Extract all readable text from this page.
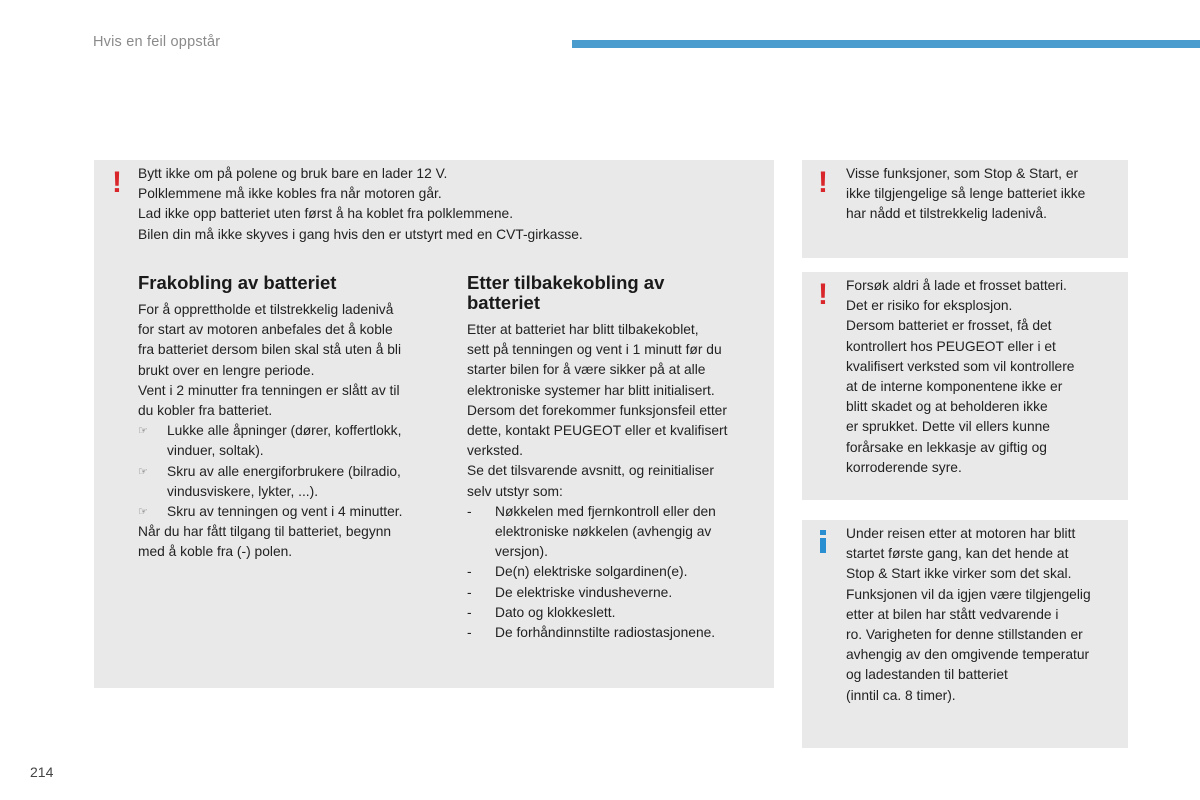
Hvis en feil oppstår
! Bytt ikke om på polene og bruk bare en lader 12 V.
Polklemmene må ikke kobles fra når motoren går.
Lad ikke opp batteriet uten først å ha koblet fra polklemmene.
Bilen din må ikke skyves i gang hvis den er utstyrt med en CVT-girkasse.
Frakobling av batteriet
For å opprettholde et tilstrekkelig ladenivå
for start av motoren anbefales det å koble
fra batteriet dersom bilen skal stå uten å bli
brukt over en lengre periode.
Vent i 2 minutter fra tenningen er slått av til
du kobler fra batteriet.
☞	Lukke alle åpninger (dører, koffertlokk,
vinduer, soltak).
☞	Skru av alle energiforbrukere (bilradio,
vindusviskere, lykter, ...).
☞	Skru av tenningen og vent i 4 minutter.
Når du har fått tilgang til batteriet, begynn
med å koble fra (-) polen.
Etter tilbakekobling av
batteriet
Etter at batteriet har blitt tilbakekoblet,
sett på tenningen og vent i 1 minutt før du
starter bilen for å være sikker på at alle
elektroniske systemer har blitt initialisert.
Dersom det forekommer funksjonsfeil etter
dette, kontakt PEUGEOT eller et kvalifisert
verksted.
Se det tilsvarende avsnitt, og reinitialiser
selv utstyr som:
-	Nøkkelen med fjernkontroll eller den
elektroniske nøkkelen (avhengig av
versjon).
-	De(n) elektriske solgardinen(e).
-	De elektriske vindusheverne.
-	Dato og klokkeslett.
-	De forhåndinnstilte radiostasjonene.
! Visse funksjoner, som Stop & Start, er
ikke tilgjengelige så lenge batteriet ikke
har nådd et tilstrekkelig ladenivå.
! Forsøk aldri å lade et frosset batteri.
Det er risiko for eksplosjon.
Dersom batteriet er frosset, få det
kontrollert hos PEUGEOT eller i et
kvalifisert verksted som vil kontrollere
at de interne komponentene ikke er
blitt skadet og at beholderen ikke
er sprukket. Dette vil ellers kunne
forårsake en lekkasje av giftig og
korroderende syre.
Under reisen etter at motoren har blitt
startet første gang, kan det hende at
Stop & Start ikke virker som det skal.
Funksjonen vil da igjen være tilgjengelig
etter at bilen har stått vedvarende i
ro. Varigheten for denne stillstanden er
avhengig av den omgivende temperatur
og ladestanden til batteriet
(inntil ca. 8 timer).
214
